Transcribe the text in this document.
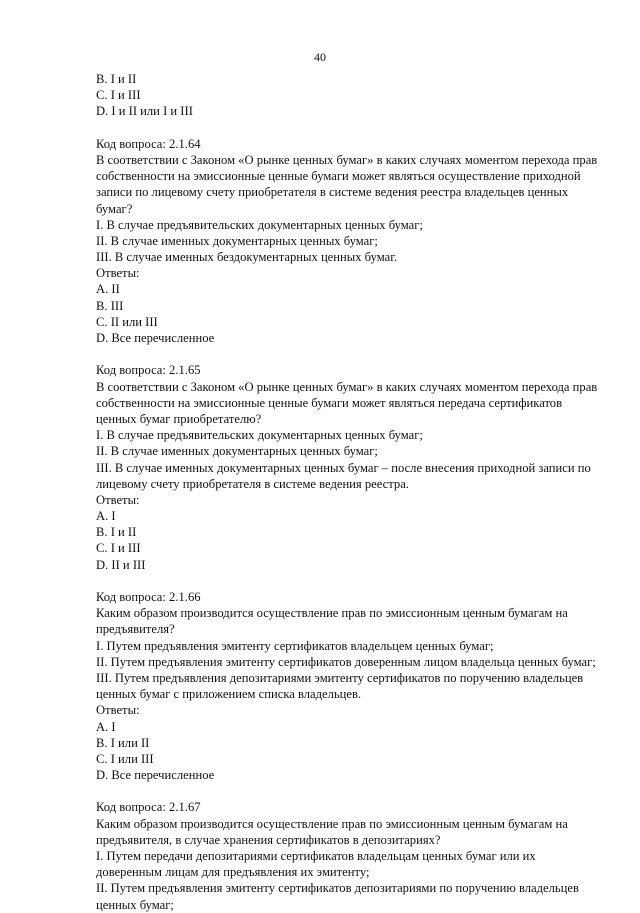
40
B. I и II
C. I и III
D. I и II или I и III
Код вопроса: 2.1.64
В соответствии с Законом «О рынке ценных бумаг» в каких случаях моментом перехода прав
собственности на эмиссионные ценные бумаги может являться осуществление приходной
записи по лицевому счету приобретателя в системе ведения реестра владельцев ценных
бумаг?
I. В случае предъявительских документарных ценных бумаг;
II. В случае именных документарных ценных бумаг;
III. В случае именных бездокументарных ценных бумаг.
Ответы:
A. II
B. III
C. II или III
D. Все перечисленное
Код вопроса: 2.1.65
В соответствии с Законом «О рынке ценных бумаг» в каких случаях моментом перехода прав
собственности на эмиссионные ценные бумаги может являться передача сертификатов
ценных бумаг приобретателю?
I. В случае предъявительских документарных ценных бумаг;
II. В случае именных документарных ценных бумаг;
III. В случае именных документарных ценных бумаг – после внесения приходной записи по
лицевому счету приобретателя в системе ведения реестра.
Ответы:
A. I
B. I и II
C. I и III
D. II и III
Код вопроса: 2.1.66
Каким образом производится осуществление прав по эмиссионным ценным бумагам на
предъявителя?
I. Путем предъявления эмитенту сертификатов владельцем ценных бумаг;
II. Путем предъявления эмитенту сертификатов доверенным лицом владельца ценных бумаг;
III. Путем предъявления депозитариями эмитенту сертификатов по поручению владельцев
ценных бумаг с приложением списка владельцев.
Ответы:
A. I
B. I или II
C. I или III
D. Все перечисленное
Код вопроса: 2.1.67
Каким образом производится осуществление прав по эмиссионным ценным бумагам на
предъявителя, в случае хранения сертификатов в депозитариях?
I. Путем передачи депозитариями сертификатов владельцам ценных бумаг или их
доверенным лицам для предъявления их эмитенту;
II. Путем предъявления эмитенту сертификатов депозитариями по поручению владельцев
ценных бумаг;
